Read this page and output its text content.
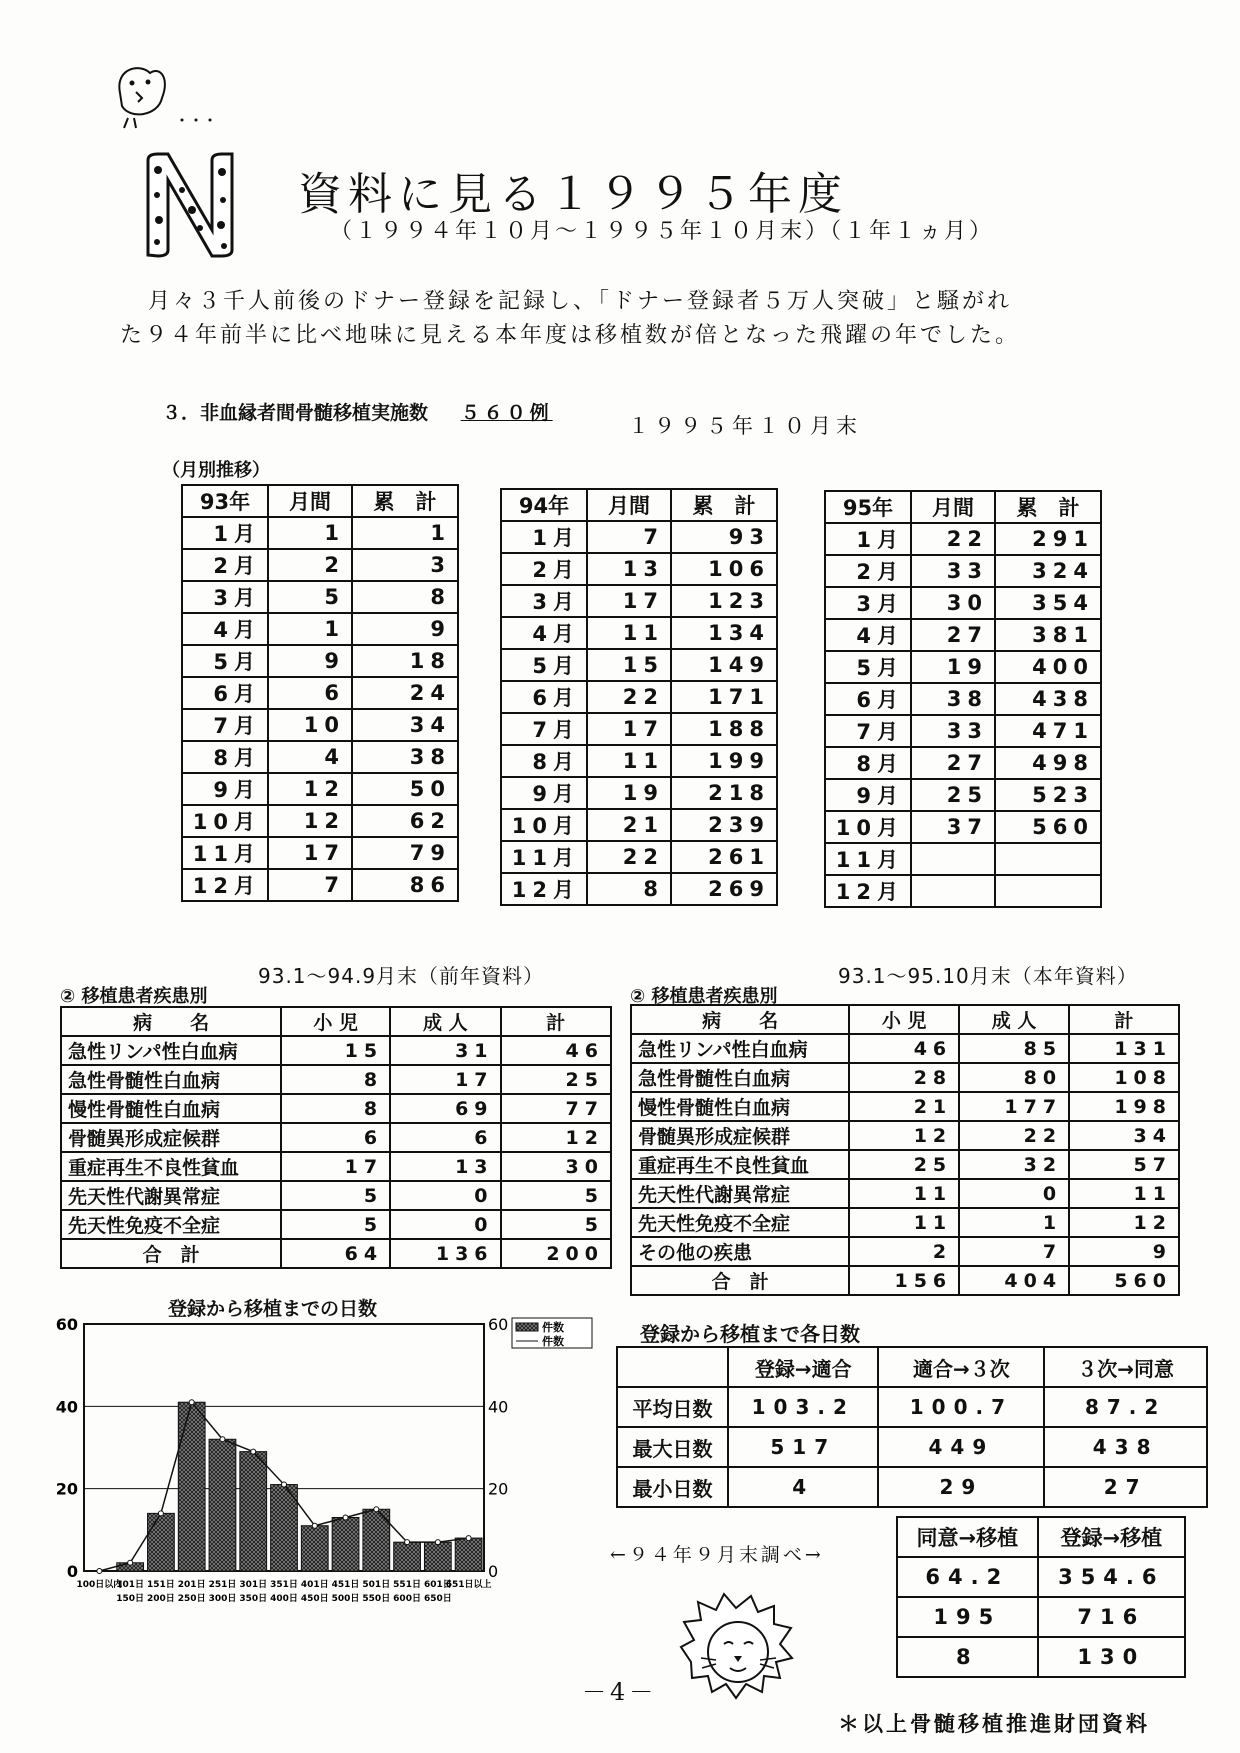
資料に見る１９９５年度
（１９９４年１０月～１９９５年１０月末）（１年１ヵ月）
月々３千人前後のドナー登録を記録し、「ドナー登録者５万人突破」と騒がれ
た９４年前半に比べ地味に見える本年度は移植数が倍となった飛躍の年でした。
３．非血縁者間骨髄移植実施数 ５６０例
１９９５年１０月末
（月別推移）
93年	月間	累　計
1月	1	1
2月	2	3
3月	5	8
4月	1	9
5月	9	18
6月	6	24
7月	10	34
8月	4	38
9月	12	50
10月	12	62
11月	17	79
12月	7	86
94年	月間	累　計
1月	7	93
2月	13	106
3月	17	123
4月	11	134
5月	15	149
6月	22	171
7月	17	188
8月	11	199
9月	19	218
10月	21	239
11月	22	261
12月	8	269
95年	月間	累　計
1月	22	291
2月	33	324
3月	30	354
4月	27	381
5月	19	400
6月	38	438
7月	33	471
8月	27	498
9月	25	523
10月	37	560
11月		
12月		
93.1～94.9月末（前年資料）
② 移植患者疾患別
病　　名	小 児	成 人	計
急性リンパ性白血病	15	31	46
急性骨髄性白血病	8	17	25
慢性骨髄性白血病	8	69	77
骨髄異形成症候群	6	6	12
重症再生不良性貧血	17	13	30
先天性代謝異常症	5	0	5
先天性免疫不全症	5	0	5
合　計	64	136	200
93.1～95.10月末（本年資料）
② 移植患者疾患別
病　　名	小 児	成 人	計
急性リンパ性白血病	46	85	131
急性骨髄性白血病	28	80	108
慢性骨髄性白血病	21	177	198
骨髄異形成症候群	12	22	34
重症再生不良性貧血	25	32	57
先天性代謝異常症	11	0	11
先天性免疫不全症	11	1	12
その他の疾患	2	7	9
合　計	156	404	560
登録から移植までの日数
0	0
20	20
40	40
60	60
100日以内
101日 151日 201日 251日 301日 351日 401日 451日 501日 551日 601日
651日以上
150日 200日 250日 300日 350日 400日 450日 500日 550日 600日 650日
件数
件数	登録から移植まで各日数
	登録→適合	適合→３次	３次→同意
平均日数	103.2	100.7	87.2
最大日数	517	449	438
最小日数	4	29	27
←９４年９月末調べ→
同意→移植	登録→移植
64.2	354.6
195	716
8	130
－4－
＊以上骨髄移植推進財団資料
